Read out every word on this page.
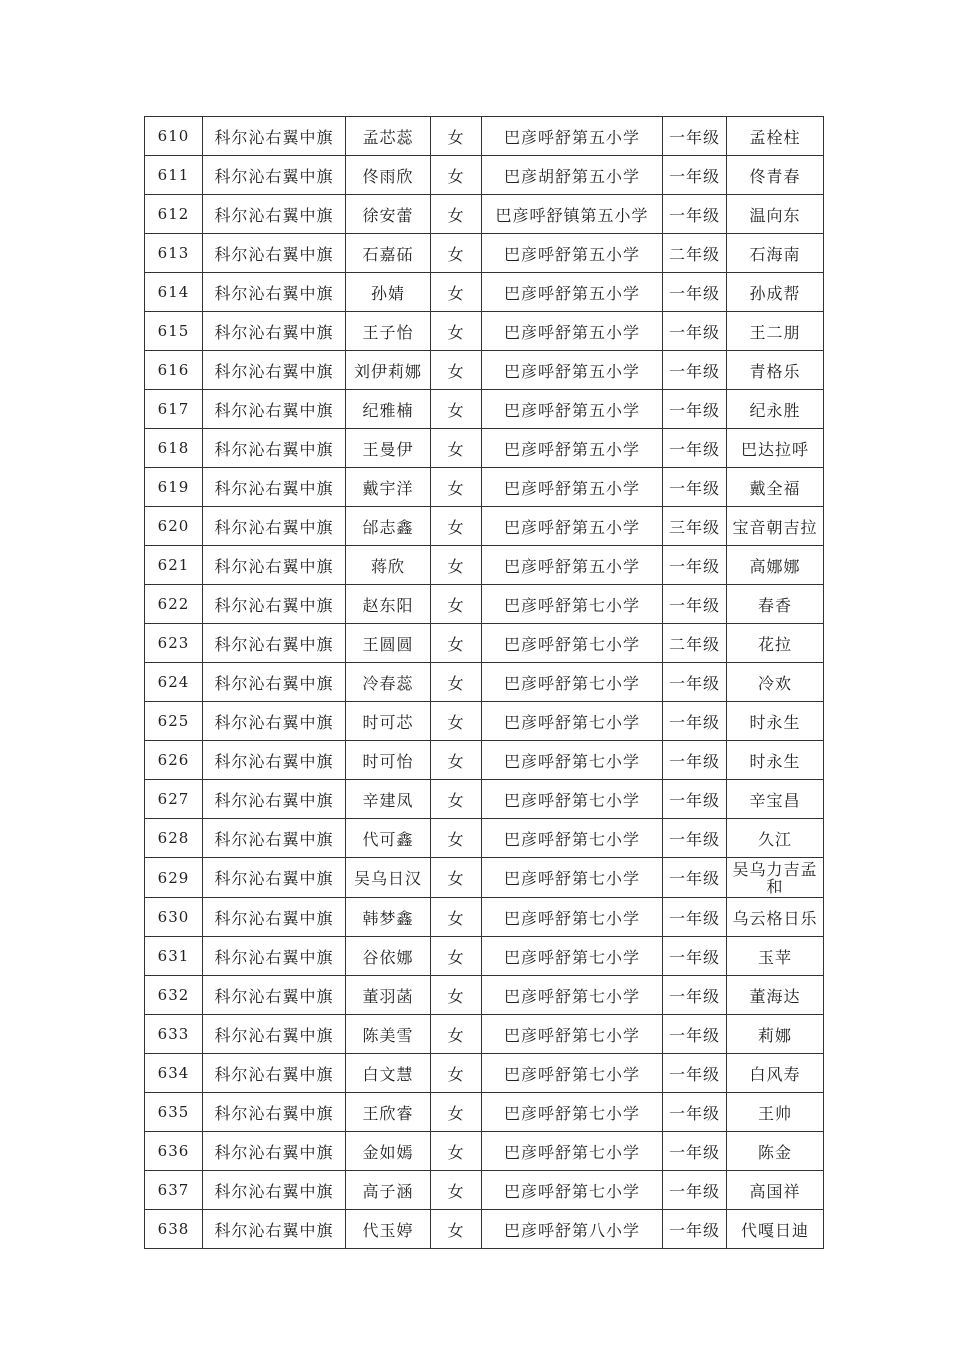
610	科尔沁右翼中旗	孟芯蕊	女	巴彦呼舒第五小学	一年级	孟栓柱
611	科尔沁右翼中旗	佟雨欣	女	巴彦胡舒第五小学	一年级	佟青春
612	科尔沁右翼中旗	徐安蕾	女	巴彦呼舒镇第五小学	一年级	温向东
613	科尔沁右翼中旗	石嘉砳	女	巴彦呼舒第五小学	二年级	石海南
614	科尔沁右翼中旗	孙婧	女	巴彦呼舒第五小学	一年级	孙成帮
615	科尔沁右翼中旗	王子怡	女	巴彦呼舒第五小学	一年级	王二朋
616	科尔沁右翼中旗	刘伊莉娜	女	巴彦呼舒第五小学	一年级	青格乐
617	科尔沁右翼中旗	纪雅楠	女	巴彦呼舒第五小学	一年级	纪永胜
618	科尔沁右翼中旗	王曼伊	女	巴彦呼舒第五小学	一年级	巴达拉呼
619	科尔沁右翼中旗	戴宇洋	女	巴彦呼舒第五小学	一年级	戴全福
620	科尔沁右翼中旗	邰志鑫	女	巴彦呼舒第五小学	三年级	宝音朝吉拉
621	科尔沁右翼中旗	蒋欣	女	巴彦呼舒第五小学	一年级	高娜娜
622	科尔沁右翼中旗	赵东阳	女	巴彦呼舒第七小学	一年级	春香
623	科尔沁右翼中旗	王圆圆	女	巴彦呼舒第七小学	二年级	花拉
624	科尔沁右翼中旗	冷春蕊	女	巴彦呼舒第七小学	一年级	冷欢
625	科尔沁右翼中旗	时可芯	女	巴彦呼舒第七小学	一年级	时永生
626	科尔沁右翼中旗	时可怡	女	巴彦呼舒第七小学	一年级	时永生
627	科尔沁右翼中旗	辛建凤	女	巴彦呼舒第七小学	一年级	辛宝昌
628	科尔沁右翼中旗	代可鑫	女	巴彦呼舒第七小学	一年级	久江
629	科尔沁右翼中旗	吴乌日汉	女	巴彦呼舒第七小学	一年级	吴乌力吉孟和
630	科尔沁右翼中旗	韩梦鑫	女	巴彦呼舒第七小学	一年级	乌云格日乐
631	科尔沁右翼中旗	谷依娜	女	巴彦呼舒第七小学	一年级	玉苹
632	科尔沁右翼中旗	董羽菡	女	巴彦呼舒第七小学	一年级	董海达
633	科尔沁右翼中旗	陈美雪	女	巴彦呼舒第七小学	一年级	莉娜
634	科尔沁右翼中旗	白文慧	女	巴彦呼舒第七小学	一年级	白风寿
635	科尔沁右翼中旗	王欣睿	女	巴彦呼舒第七小学	一年级	王帅
636	科尔沁右翼中旗	金如嫣	女	巴彦呼舒第七小学	一年级	陈金
637	科尔沁右翼中旗	高子涵	女	巴彦呼舒第七小学	一年级	高国祥
638	科尔沁右翼中旗	代玉婷	女	巴彦呼舒第八小学	一年级	代嘎日迪
